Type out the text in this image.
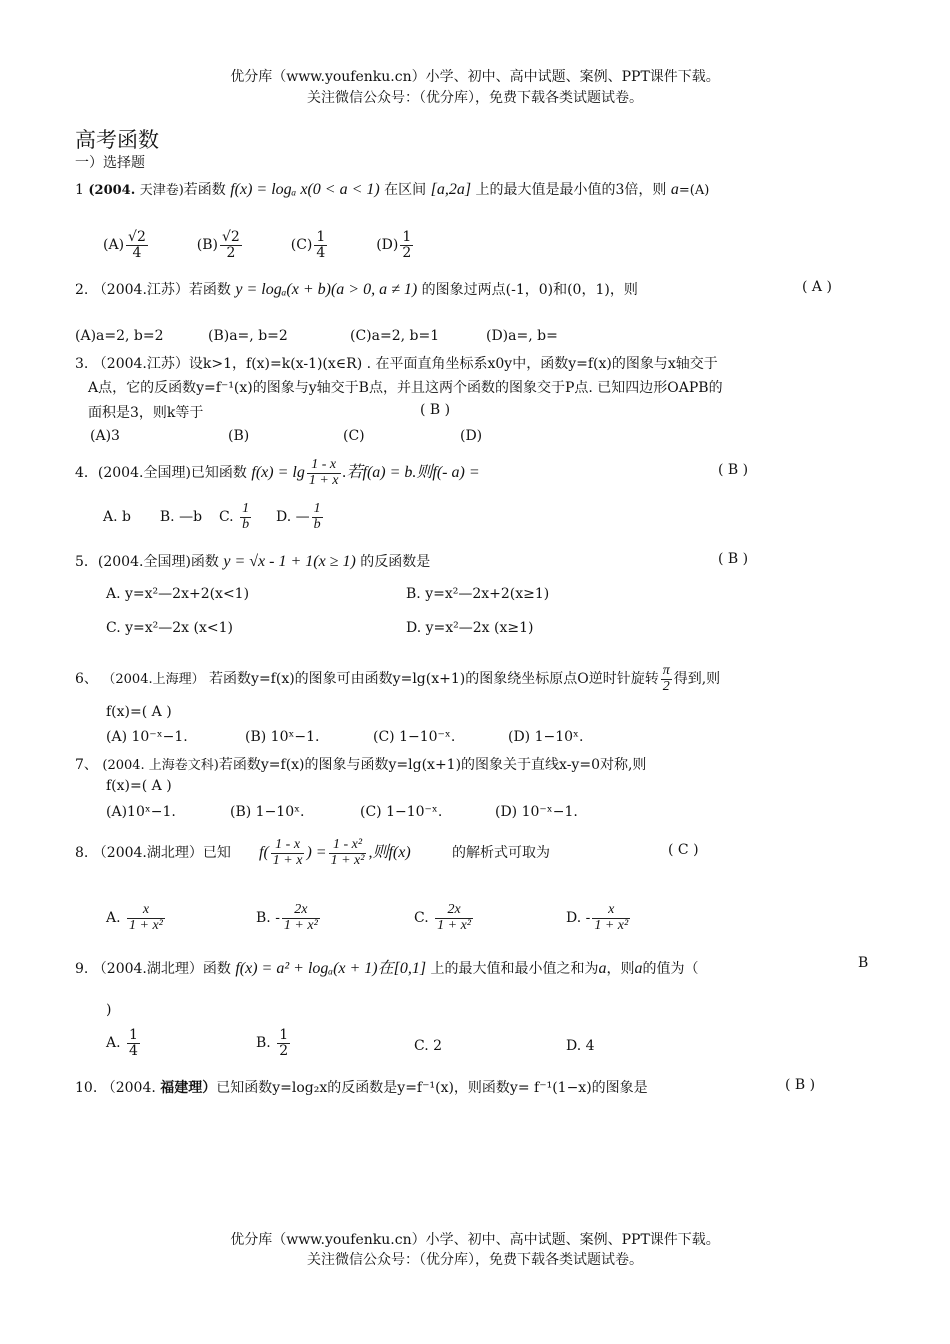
优分库（www.youfenku.cn）小学、初中、高中试题、案例、PPT课件下载。
关注微信公众号：（优分库），免费下载各类试题试卷。
高考函数
一）选择题
1 (2004. 天津卷)若函数 f(x) = logₐ x(0 < a < 1) 在区间 [a,2a] 上的最大值是最小值的3倍，则 a=(A)
$(A) \frac{√2}{4}$	$(B) \frac{√2}{2}$	$(C) \frac{1}{4}$	$(D) \frac{1}{2}$
2. （2004.江苏）若函数 y = logₐ(x + b)(a > 0, a ≠ 1) 的图象过两点(-1，0)和(0，1)，则	( A )
(A)a=2, b=2	(B)a=, b=2	(C)a=2, b=1	(D)a=, b=
3. （2004.江苏）设k>1，f(x)=k(x-1)(x∈R) . 在平面直角坐标系x0y中，函数y=f(x)的图象与x轴交于
A点，它的反函数y=f⁻¹(x)的图象与y轴交于B点，并且这两个函数的图象交于P点. 已知四边形OAPB的
面积是3，则k等于	( B )
(A)3	(B)	(C)	(D)
4．(2004.全国理)已知函数 $f(x) = \lg \frac{1 - x}{1 + x}$ .若f(a) = b.则f(- a) =	( B )
A. b B. —b C. $\frac{1}{b} D$. — $\frac{1}{b}$
5．(2004.全国理)函数 y = √x - 1 + 1(x ≥ 1) 的反函数是	( B )
A. y=x²—2x+2(x<1)	B. y=x²—2x+2(x≥1)
C. y=x²—2x (x<1)	D. y=x²—2x (x≥1)
6、 （2004.上海理） 若函数y=f(x)的图象可由函数y=lg(x+1)的图象绕坐标原点O逆时针旋转 $\frac{\pi}{2}$ 得到,则
f(x)=( A )
(A) 10⁻ˣ−1.	(B) 10ˣ−1.	(C) 1−10⁻ˣ.	(D) 1−10ˣ.
7、 (2004. 上海卷文科)若函数y=f(x)的图象与函数y=lg(x+1)的图象关于直线x-y=0对称,则
f(x)=( A )
(A)10ˣ−1.	(B) 1−10ˣ.	(C) 1−10⁻ˣ.	(D) 10⁻ˣ−1.
8. （2004.湖北理）已知 $f( \frac{1 - x}{1 + x}$ ) = $\frac{\text{1 - x²}}{\text{1 + x²}}$ ,则f(x)	的解析式可取为	( C )
A. $\frac{x}{\text{1 + x²}}$	B. - $\frac{2x}{\text{1 + x²}}$	C. $\frac{2x}{\text{1 + x²}}$	D. - $\frac{x}{\text{1 + x²}}$
9. （2004.湖北理）函数 f(x) = a² + logₐ(x + 1)在[0,1] 上的最大值和最小值之和为a，则a的值为（	B
)
A. $\frac{1}{4}$	B. $\frac{1}{2}$	C. 2	D. 4
10. （2004. 福建理）已知函数y=log₂x的反函数是y=f⁻¹(x)，则函数y= f⁻¹(1−x)的图象是	( B )
优分库（www.youfenku.cn）小学、初中、高中试题、案例、PPT课件下载。
关注微信公众号：（优分库），免费下载各类试题试卷。
